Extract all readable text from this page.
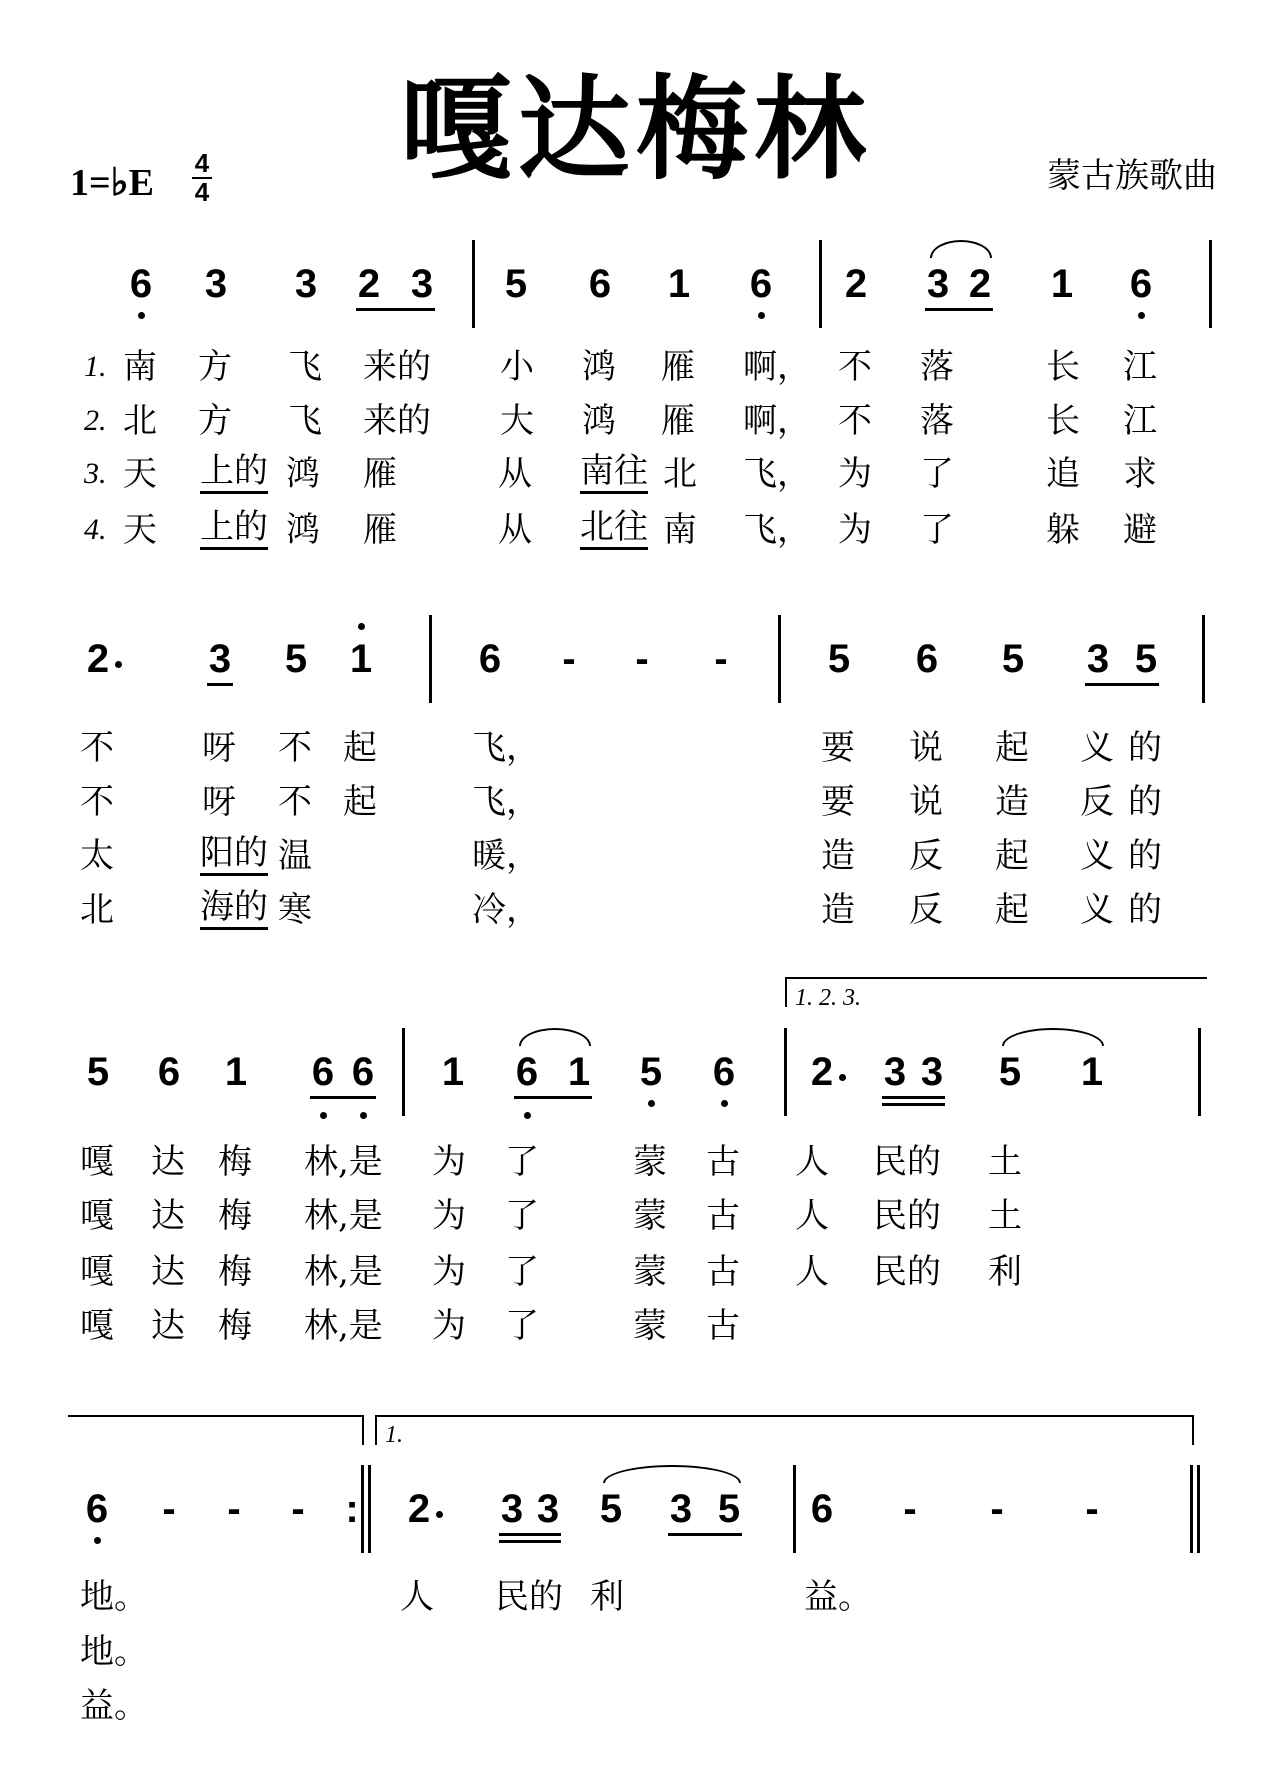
嘎达梅林
1=♭E 4
4	蒙古族歌曲
1. 2. 3.
1.
6 3 3 2 3 5 6 1 6 2 3 2 1 6
1. 南 方 飞 来的 小 鸿 雁 啊， 不 落	长 江
2. 北 方 飞 来的 大 鸿 雁 啊， 不 落	长 江
3. 天 上的 鸿 雁	从 南往 北 飞， 为 了	追 求
4. 天 上的 鸿 雁	从 北往 南 飞， 为 了	躲 避
2 3 5 1	6 - - -	5 6 5 3 5
不	呀 不 起	飞，	要 说 起 义 的
不	呀 不 起	飞，	要 说 造 反 的
太	阳的 温	暖，	造 反 起 义 的
北	海的 寒	冷，	造 反 起 义 的
5 6 1 6 6 1 6 1 5 6 2 3 3 5 1
嘎 达 梅 林,是 为 了	蒙 古 人 民的 土
嘎 达 梅 林,是 为 了	蒙 古 人 民的 土
嘎 达 梅 林,是 为 了	蒙 古 人 民的 利
嘎 达 梅 林,是 为 了	蒙 古
6 - - - : 2 3 3 5 3 5 6 - - -
地。	人 民的 利	益。
地。
益。
